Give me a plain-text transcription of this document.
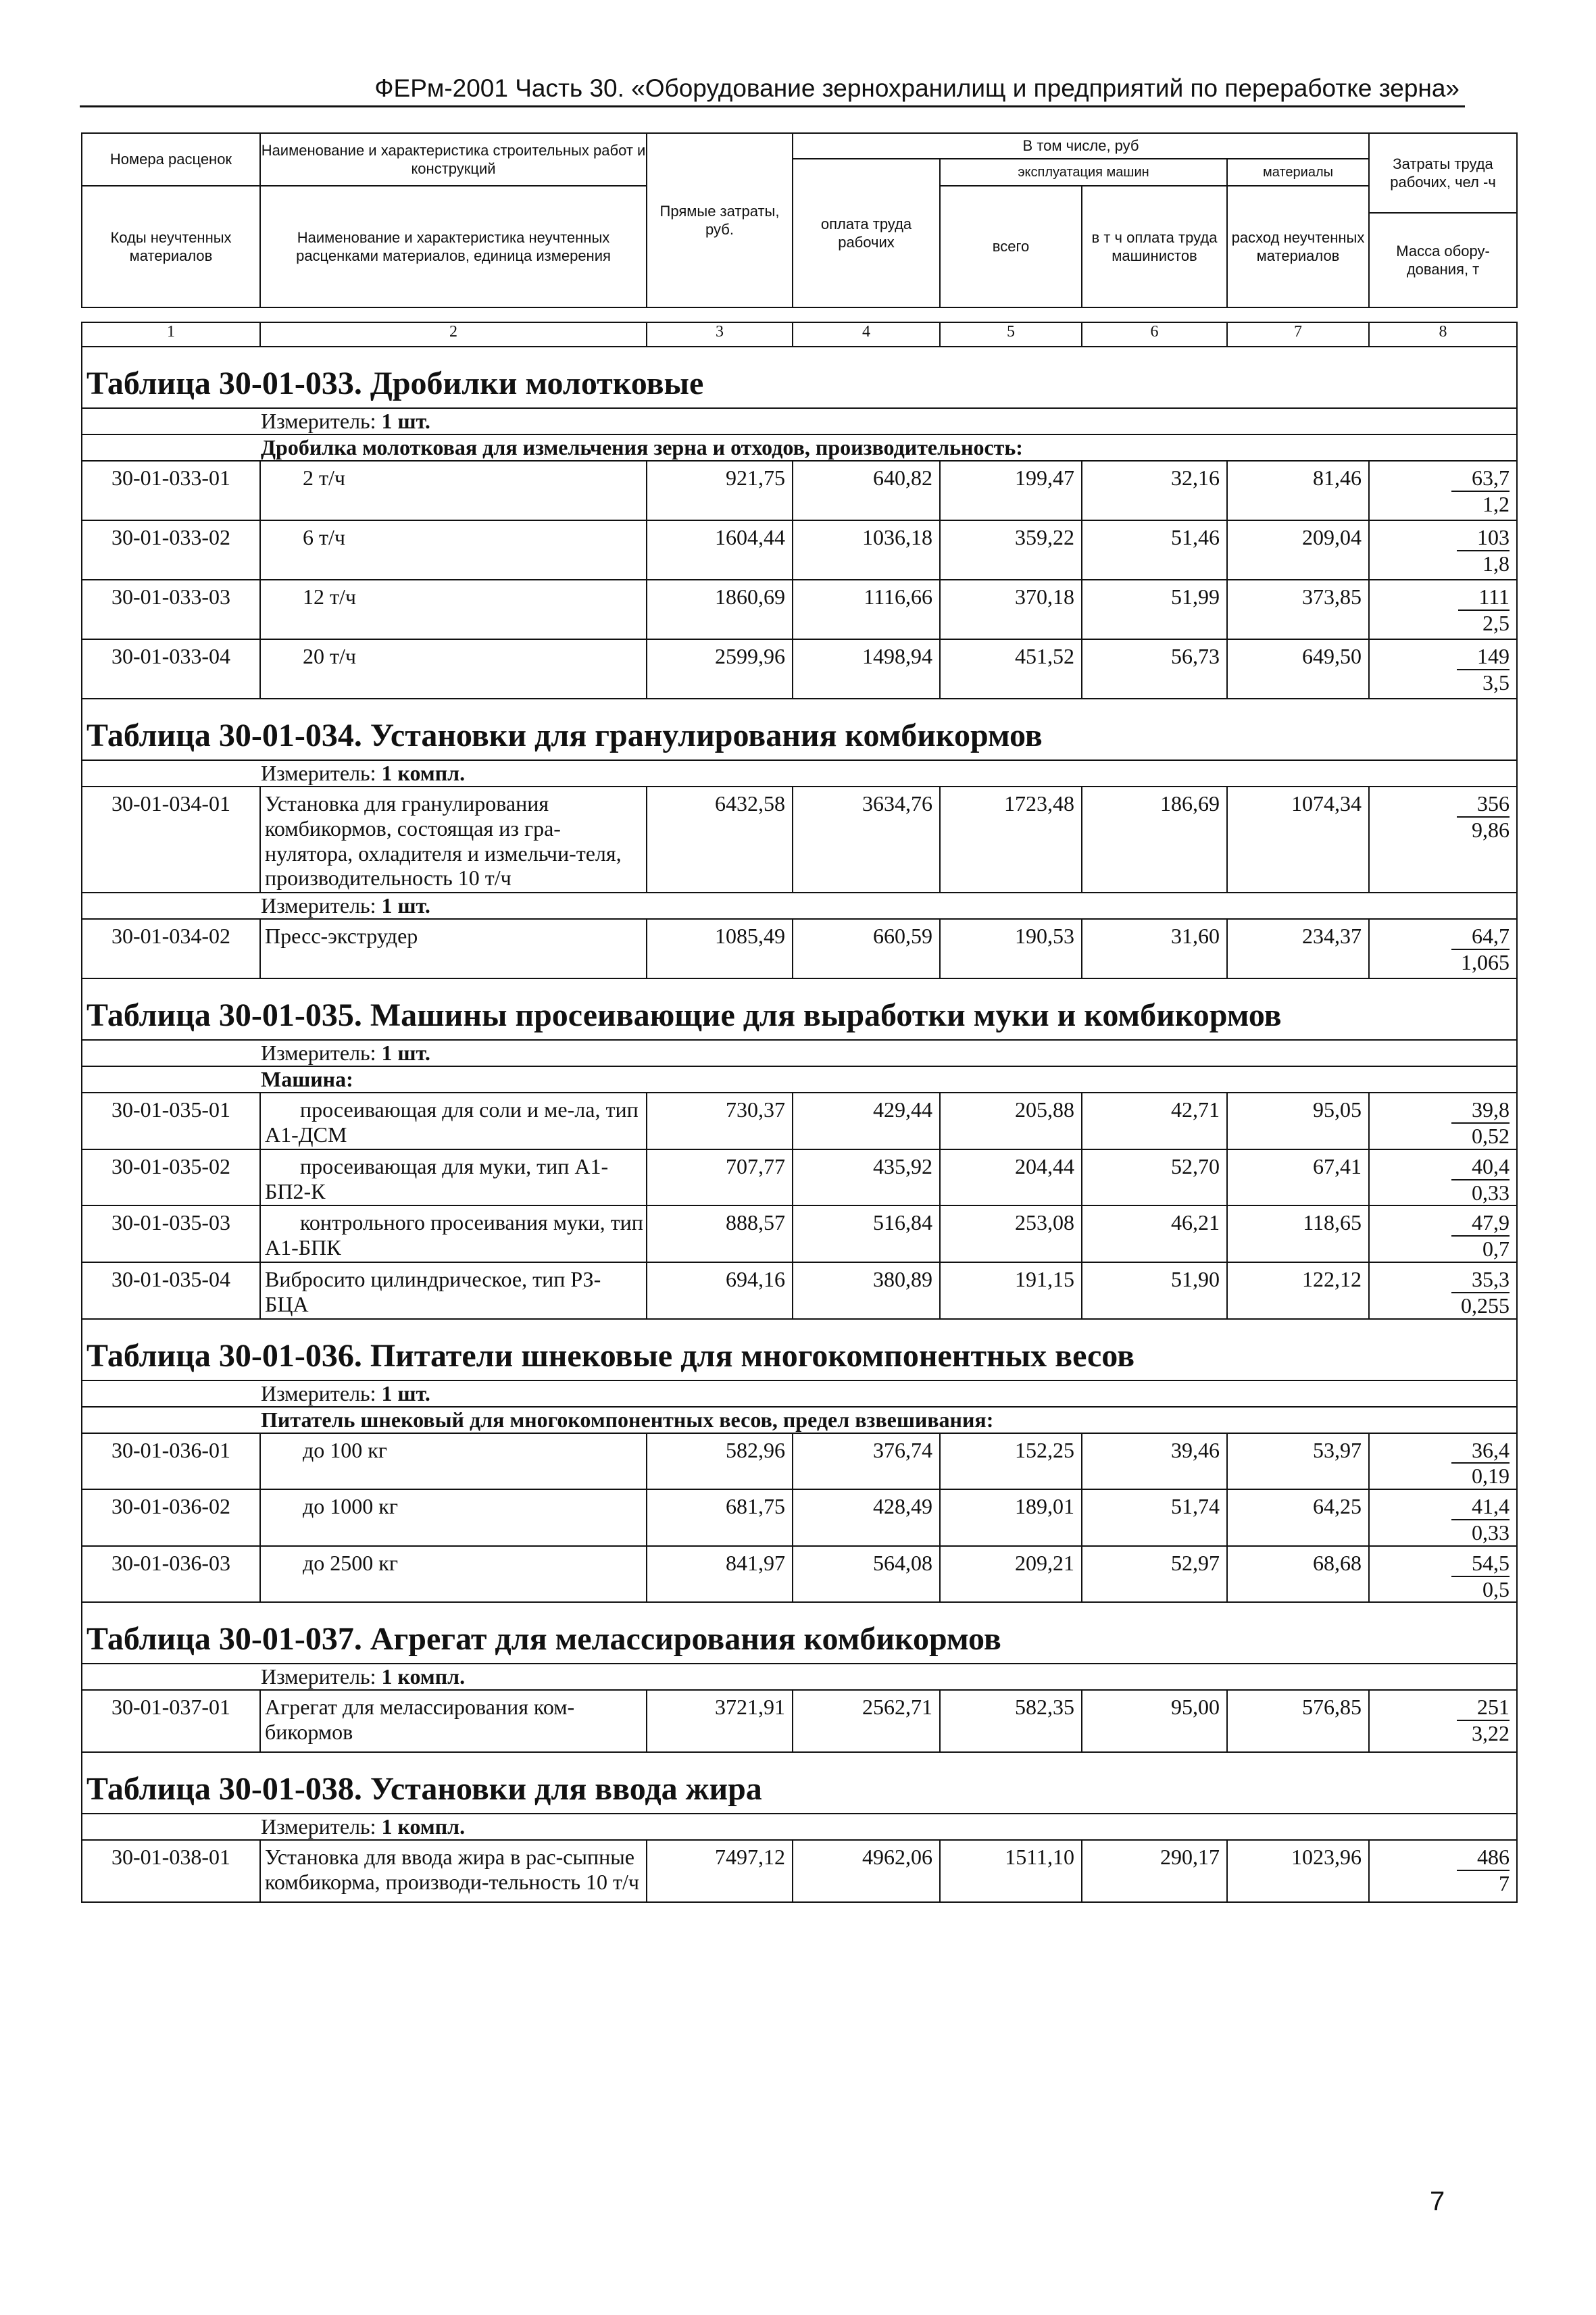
ФЕРм-2001 Часть 30. «Оборудование зернохранилищ и предприятий по переработке зерна»
Номера расценок	Наименование и характеристика строительных работ и конструкций	Прямые затраты, руб.	В том числе, руб				Затраты труда рабочих, чел -ч
			оплата труда рабочих	эксплуатация машин		материалы	
Коды неучтенных материалов	Наименование и характеристика неучтенных расценками материалов, единица измерения			всего	в т ч оплата труда машинистов	расход неучтенных материалов	
							Масса обору-дования, т

1	2	3	4	5	6	7	8
Таблица 30-01-033. Дробилки молотковые							
Измеритель: 1 шт.							
Дробилка молотковая для измельчения зерна и отходов, производительность:							
30-01-033-01	2 т/ч	921,75	640,82	199,47	32,16	81,46	63,7
1,2

30-01-033-02	6 т/ч	1604,44	1036,18	359,22	51,46	209,04	103
1,8

30-01-033-03	12 т/ч	1860,69	1116,66	370,18	51,99	373,85	111
2,5

30-01-033-04	20 т/ч	2599,96	1498,94	451,52	56,73	649,50	149
3,5

Таблица 30-01-034. Установки для гранулирования комбикормов							
Измеритель: 1 компл.							
30-01-034-01	Установка для гранулирования комбикормов, состоящая из гра-нулятора, охладителя и измельчи-теля, производительность 10 т/ч	6432,58	3634,76	1723,48	186,69	1074,34	356
9,86

Измеритель: 1 шт.							
30-01-034-02	Пресс-экструдер	1085,49	660,59	190,53	31,60	234,37	64,7
1,065

Таблица 30-01-035. Машины просеивающие для выработки муки и комбикормов							
Измеритель: 1 шт.							
Машина:							
30-01-035-01	просеивающая для соли и ме-ла, тип А1-ДСМ	730,37	429,44	205,88	42,71	95,05	39,8
0,52

30-01-035-02	просеивающая для муки, тип А1-БП2-К	707,77	435,92	204,44	52,70	67,41	40,4
0,33

30-01-035-03	контрольного просеивания муки, тип А1-БПК	888,57	516,84	253,08	46,21	118,65	47,9
0,7

30-01-035-04	Вибросито цилиндрическое, тип РЗ-БЦА	694,16	380,89	191,15	51,90	122,12	35,3
0,255

Таблица 30-01-036. Питатели шнековые для многокомпонентных весов							
Измеритель: 1 шт.							
Питатель шнековый для многокомпонентных весов, предел взвешивания:							
30-01-036-01	до 100 кг	582,96	376,74	152,25	39,46	53,97	36,4
0,19

30-01-036-02	до 1000 кг	681,75	428,49	189,01	51,74	64,25	41,4
0,33

30-01-036-03	до 2500 кг	841,97	564,08	209,21	52,97	68,68	54,5
0,5

Таблица 30-01-037. Агрегат для мелассирования комбикормов							
Измеритель: 1 компл.							
30-01-037-01	Агрегат для мелассирования ком-бикормов	3721,91	2562,71	582,35	95,00	576,85	251
3,22

Таблица 30-01-038. Установки для ввода жира							
Измеритель: 1 компл.							
30-01-038-01	Установка для ввода жира в рас-сыпные комбикорма, производи-тельность 10 т/ч	7497,12	4962,06	1511,10	290,17	1023,96	486
7
7
